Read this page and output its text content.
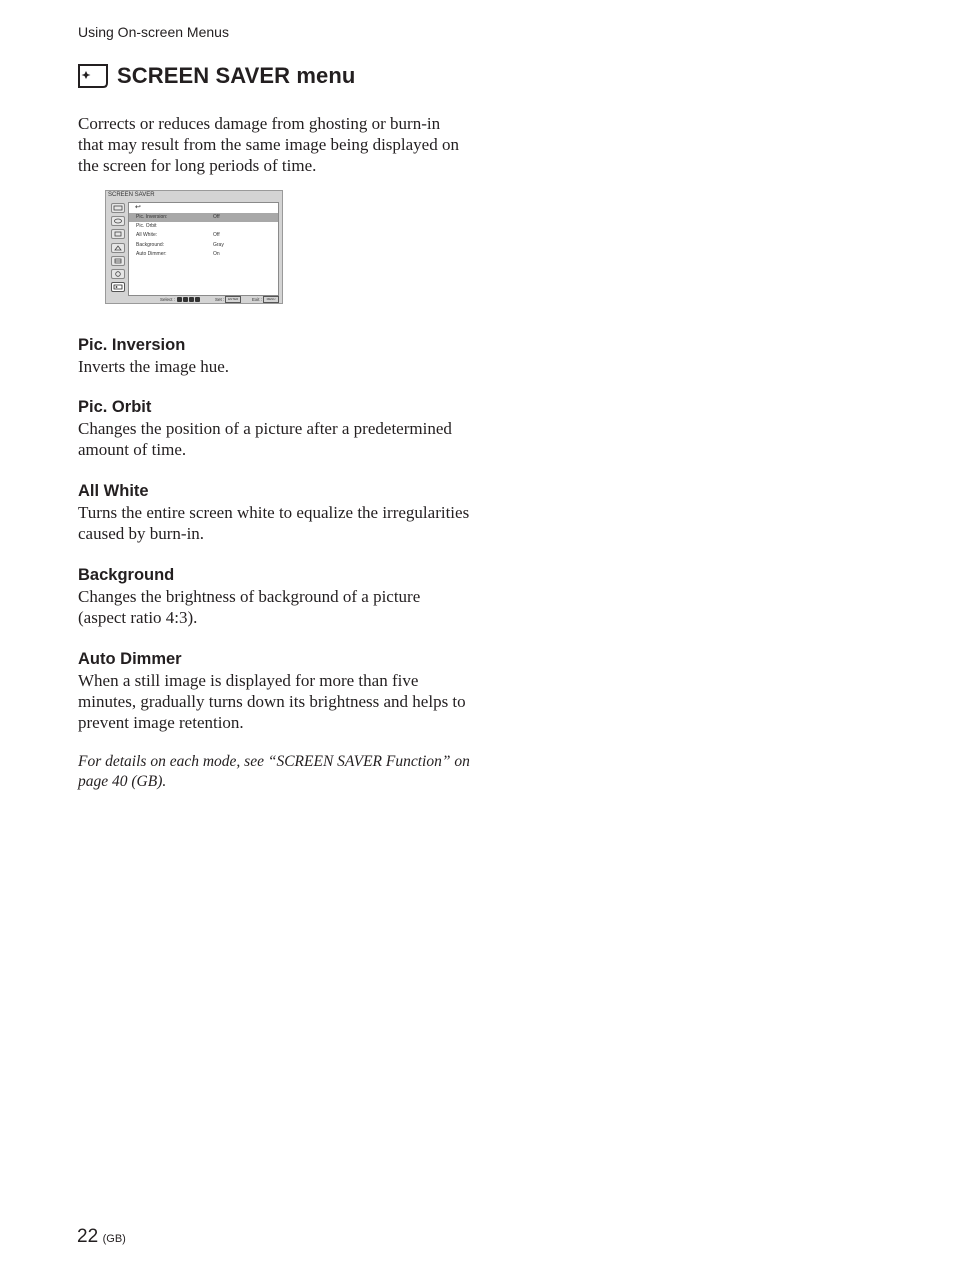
Using On-screen Menus
SCREEN SAVER menu

Corrects or reduces damage from ghosting or burn-in that may result from the same image being displayed on the screen for long periods of time.

SCREEN SAVER
↩
Pic. Inversion:	Off
Pic. Orbit
All White:	Off
Background:	Gray
Auto Dimmer:	On
Select :	Set : ENTER	Exit : MENU
Pic. Inversion

Inverts the image hue.

Pic. Orbit

Changes the position of a picture after a predetermined amount of time.

All White

Turns the entire screen white to equalize the irregularities caused by burn-in.

Background

Changes the brightness of background of a picture (aspect ratio 4:3).

Auto Dimmer

When a still image is displayed for more than five minutes, gradually turns down its brightness and helps to prevent image retention.

For details on each mode, see “SCREEN SAVER Function” on page 40 (GB).

22 (GB)
